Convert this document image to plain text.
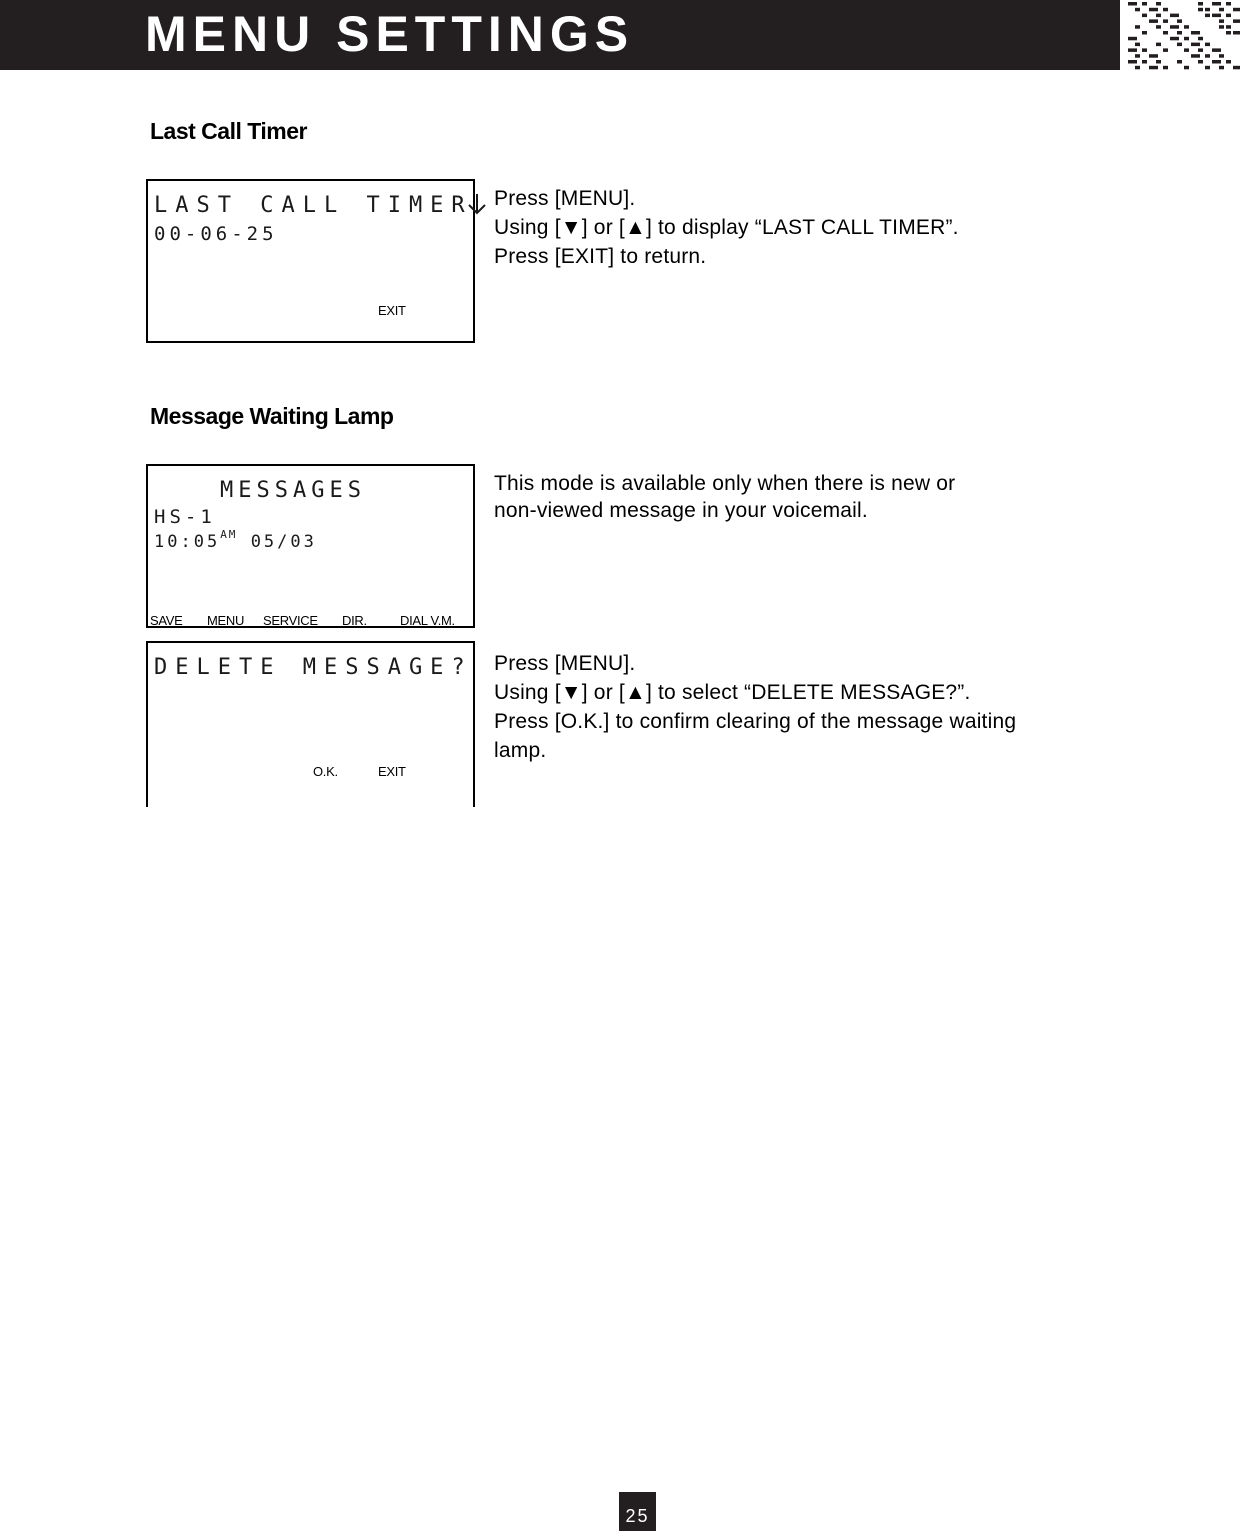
MENU SETTINGS
Last Call Timer
LAST CALL TIMER
00-06-25
EXIT

Press [MENU].

Using [▼] or [▲] to display “LAST CALL TIMER”.

Press [EXIT] to return.

Message Waiting Lamp
MESSAGES
HS-1
$10:05^{AM}$ 05/03
SAVE MENU SERVICE DIR.	DIAL V.M.

This mode is available only when there is new or

non-viewed message in your voicemail.

DELETE MESSAGE?
O.K.	EXIT

Press [MENU].

Using [▼] or [▲] to select “DELETE MESSAGE?”.

Press [O.K.] to confirm clearing of the message waiting

lamp.

25
